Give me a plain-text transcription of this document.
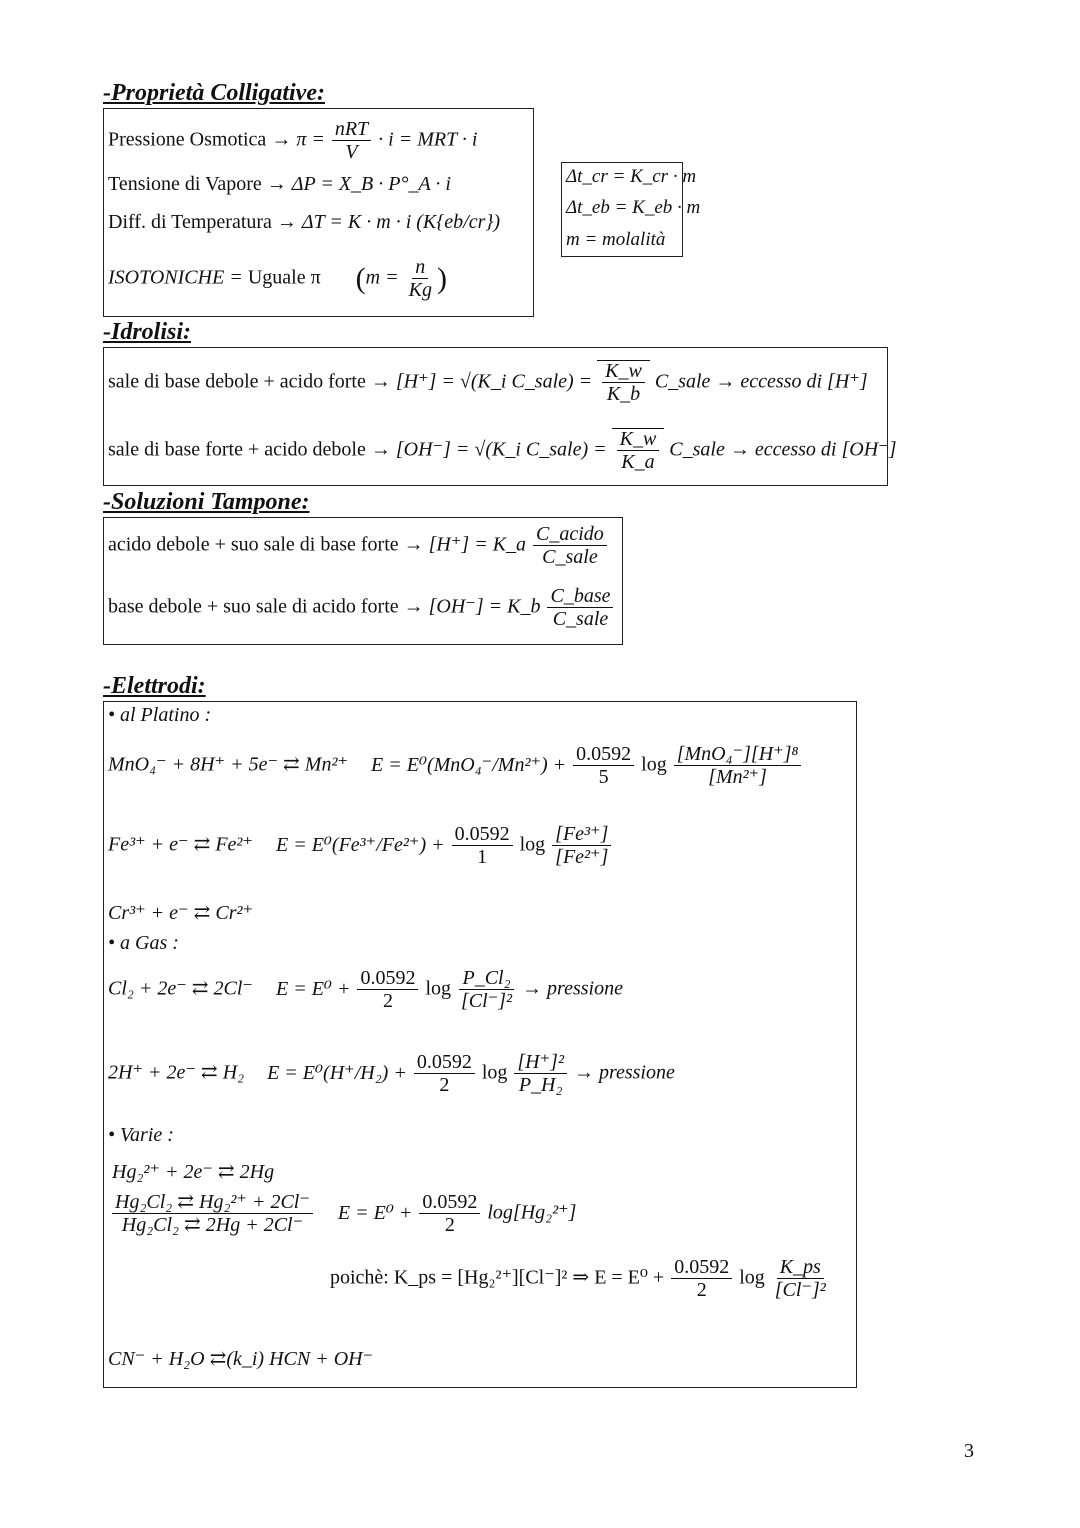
-Proprietà Colligative:
Pressione Osmotica → $\pi = \frac{\text{nRT}}{V} \cdot i$ = MRT · i
Tensione di Vapore → ΔP = X_B · P°_A · i
Diff. di Temperatura → ΔT = K · m · i (K{eb/cr})
ISOTONICHE = Uguale π ($m = \frac{n}{Kg}$ )
Δt_cr = K_cr · m
Δt_eb = K_eb · m
m = molalità
-Idrolisi:
sale di base debole + acido forte → [H⁺] = √(K_i C_sale) = $\frac{K\_w}{K\_b}$ C_sale → eccesso di [H⁺]
sale di base forte + acido debole → [OH⁻] = √(K_i C_sale) = $\frac{K\_w}{K\_a}$ C_sale → eccesso di [OH⁻]
-Soluzioni Tampone:
acido debole + suo sale di base forte → [H⁺] = K_a $\frac{\text{C\_acido}}{\text{C\_sale}}$
base debole + suo sale di acido forte → [OH⁻] = K_b $\frac{\text{C\_base}}{\text{C\_sale}}$
-Elettrodi:
• al Platino :
MnO₄⁻ + 8H⁺ + 5e⁻ ⇄ Mn²⁺ $E = E^0(MnO_4^-/Mn^{2+}) + \frac{0.0592}{5}$ $\log \frac{\text{[MnO₄⁻][H⁺]⁸}}{\text{[Mn²⁺]}}$
Fe³⁺ + e⁻ ⇄ Fe²⁺ $E = E^0(Fe^{3+}/Fe^{2+}) + \frac{0.0592}{1}$ $\log \frac{\text{[Fe³⁺]}}{\text{[Fe²⁺]}}$
Cr³⁺ + e⁻ ⇄ Cr²⁺
• a Gas :
Cl₂ + 2e⁻ ⇄ 2Cl⁻ $E = E^0 + \frac{0.0592}{2}$ $\log \frac{\text{P\_Cl₂}}{\text{[Cl⁻]²}}$ → pressione
2H⁺ + 2e⁻ ⇄ H₂ $E = E^0(H^+/H_2) + \frac{0.0592}{2}$ $\log \frac{\text{[H⁺]²}}{\text{P\_H₂}}$ → pressione
• Varie :
Hg₂²⁺ + 2e⁻ ⇄ 2Hg
$\frac{\text{Hg₂Cl₂ ⇄ Hg₂²⁺ + 2Cl⁻}}{\text{Hg₂Cl₂ ⇄ 2Hg + 2Cl⁻}}$ $E = E^0 + \frac{0.0592}{2} \log[Hg_2^{2+}]$
poichè: K_ps = [Hg₂²⁺][Cl⁻]² ⇒ $E = E^0 + \frac{0.0592}{2}$ $\log \frac{K\_ps}{\text{[Cl⁻]²}}$
CN⁻ + H₂O ⇄(k_i) HCN + OH⁻
3
